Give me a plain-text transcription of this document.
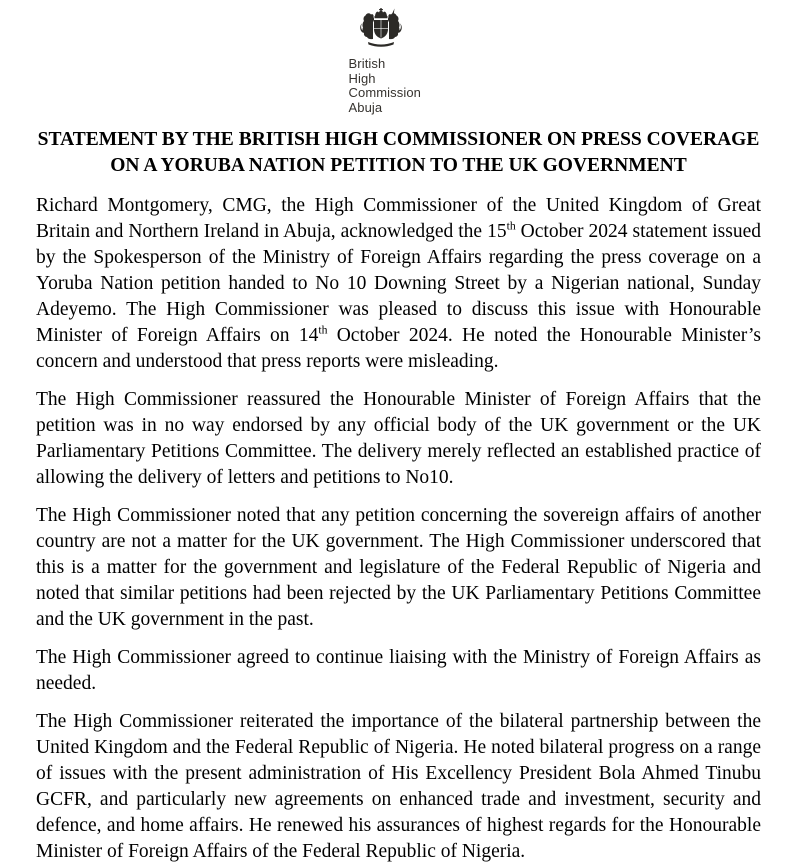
British
High Commission
Abuja
STATEMENT BY THE BRITISH HIGH COMMISSIONER ON PRESS COVERAGE
ON A YORUBA NATION PETITION TO THE UK GOVERNMENT

Richard Montgomery, CMG, the High Commissioner of the United Kingdom of Great Britain and Northern Ireland in Abuja, acknowledged the 15th October 2024 statement issued by the Spokesperson of the Ministry of Foreign Affairs regarding the press coverage on a Yoruba Nation petition handed to No 10 Downing Street by a Nigerian national, Sunday Adeyemo. The High Commissioner was pleased to discuss this issue with Honourable Minister of Foreign Affairs on 14th October 2024. He noted the Honourable Minister’s concern and understood that press reports were misleading.

The High Commissioner reassured the Honourable Minister of Foreign Affairs that the petition was in no way endorsed by any official body of the UK government or the UK Parliamentary Petitions Committee. The delivery merely reflected an established practice of allowing the delivery of letters and petitions to No10.

The High Commissioner noted that any petition concerning the sovereign affairs of another country are not a matter for the UK government. The High Commissioner underscored that this is a matter for the government and legislature of the Federal Republic of Nigeria and noted that similar petitions had been rejected by the UK Parliamentary Petitions Committee and the UK government in the past.

The High Commissioner agreed to continue liaising with the Ministry of Foreign Affairs as needed.

The High Commissioner reiterated the importance of the bilateral partnership between the United Kingdom and the Federal Republic of Nigeria. He noted bilateral progress on a range of issues with the present administration of His Excellency President Bola Ahmed Tinubu GCFR, and particularly new agreements on enhanced trade and investment, security and defence, and home affairs. He renewed his assurances of highest regards for the Honourable Minister of Foreign Affairs of the Federal Republic of Nigeria.
